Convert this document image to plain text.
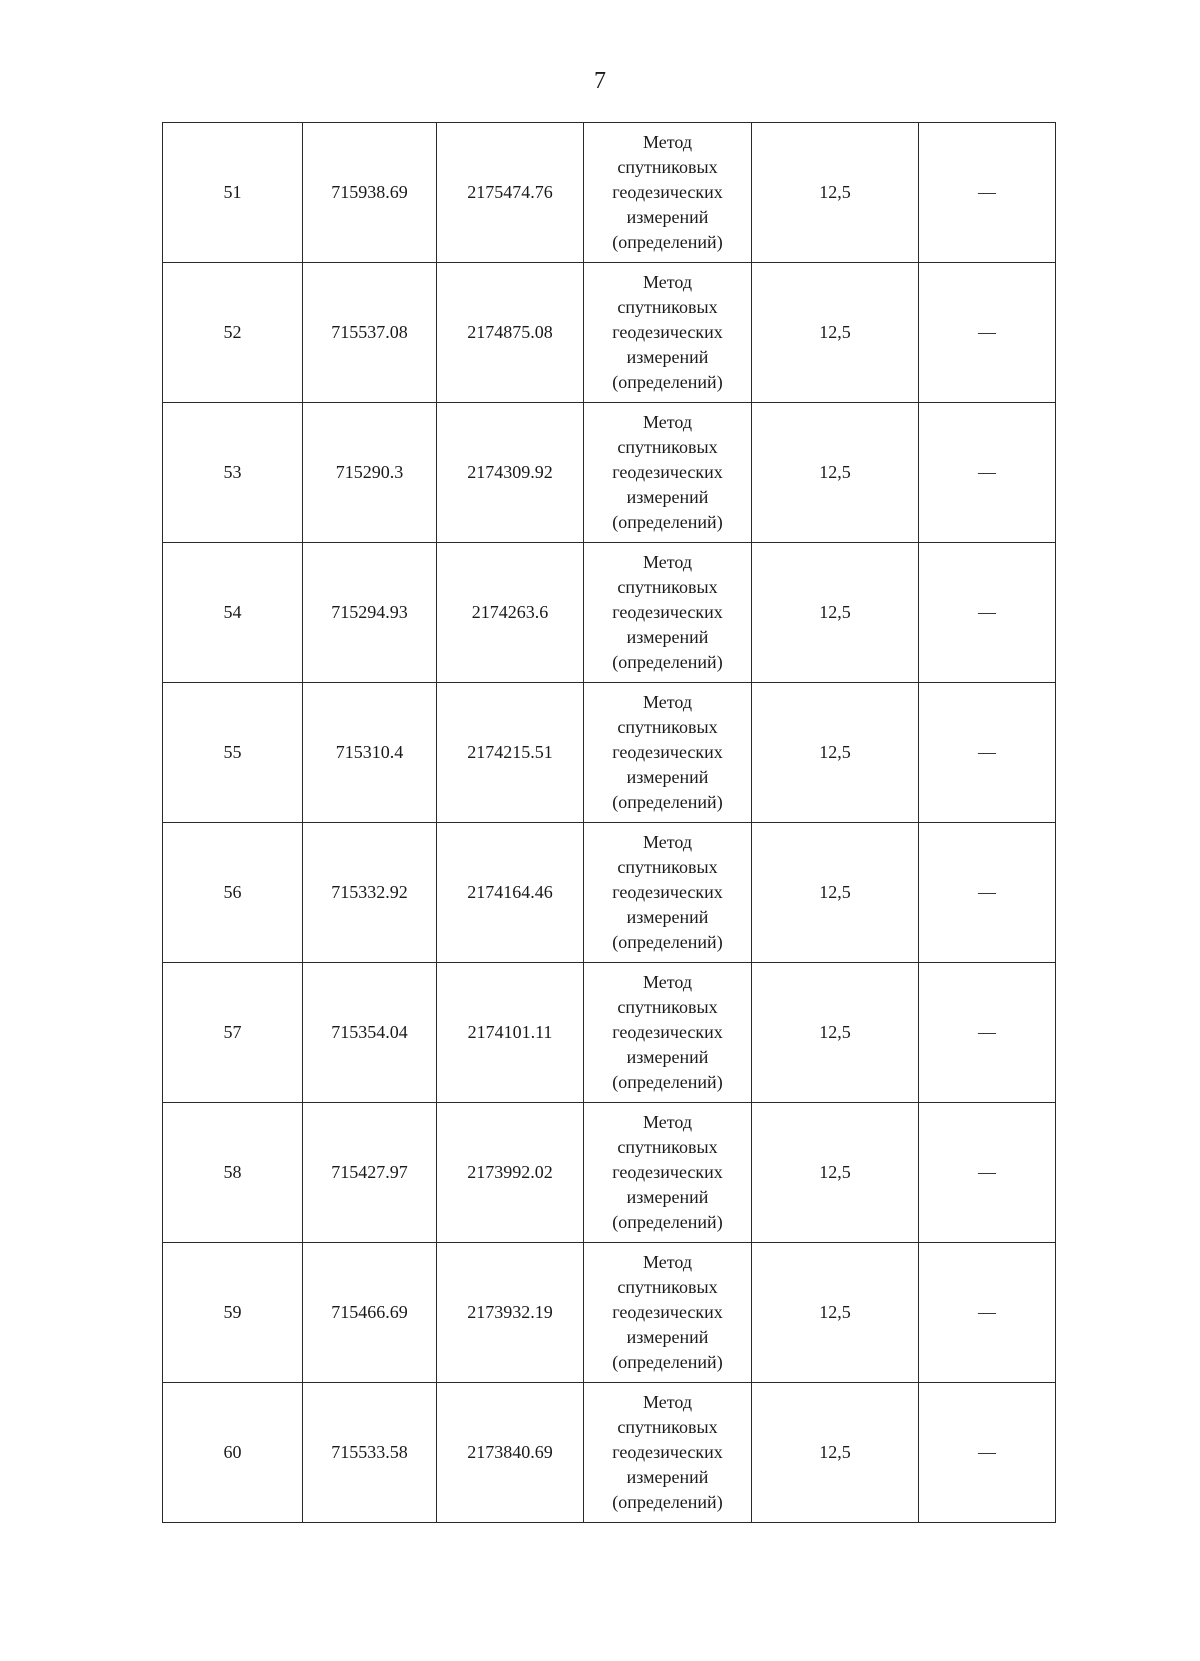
7
51	715938.69	2175474.76	Метод
спутниковых
геодезических
измерений
(определений)	12,5	—
52	715537.08	2174875.08	Метод
спутниковых
геодезических
измерений
(определений)	12,5	—
53	715290.3	2174309.92	Метод
спутниковых
геодезических
измерений
(определений)	12,5	—
54	715294.93	2174263.6	Метод
спутниковых
геодезических
измерений
(определений)	12,5	—
55	715310.4	2174215.51	Метод
спутниковых
геодезических
измерений
(определений)	12,5	—
56	715332.92	2174164.46	Метод
спутниковых
геодезических
измерений
(определений)	12,5	—
57	715354.04	2174101.11	Метод
спутниковых
геодезических
измерений
(определений)	12,5	—
58	715427.97	2173992.02	Метод
спутниковых
геодезических
измерений
(определений)	12,5	—
59	715466.69	2173932.19	Метод
спутниковых
геодезических
измерений
(определений)	12,5	—
60	715533.58	2173840.69	Метод
спутниковых
геодезических
измерений
(определений)	12,5	—
